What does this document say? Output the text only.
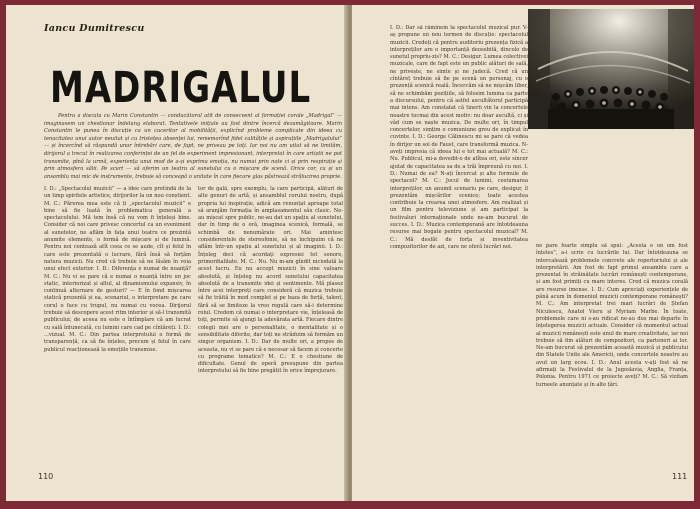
Iancu Dumitrescu
MADRIGALUL
Pentru a discuta cu Marin Constantin — conducătorul atît de consecvent al formației corale „Madrigal” — imaginasem un chestionar îndelung elaborat. Tentativele inițiale au fost dintre încercă dezamăgitoare. Marin Constantin le punea în discuție ca un cuceritor al mobilității, explicînd probleme complicate din ideea cu tenacitatea unui autor neuitat și cu tristețea absenței lui, rememorînd fidel calitățile și aspirațiile „Madrigalului” — și încercînd să răspundă unor întrebări care, de fapt, ne priveau pe toți. Iar noi nu am uitat să ne limităm, dirijorul a trecut în realizarea conferinței de un fel de experiment impresionant, interpretat în care artiștii ne pot transmite, pînă la urmă, experiența unui mod de a-și exprima emoția, nu numai prin note ci și prin respirație și prin atmosfera sălii. Pe scurt — să oferim un teatru al sunetului cu o mișcare de scenă. Orice cor, ca și un ansamblu mai mic de instrumente, trebuie să conceapă o unitate în care fiecare glas păstrează strălucirea proprie.
I. D.: „Spectacolul muzicii” — a idee care pretindă de la un timp spiritele artistice, dirijorilor la un nou conștient. M. C.: Părerea mea este că ți „spectacolul muzicii” e bine să fie luată în problematica generală a spectacolului. Mă tem însă că nu vom fi înțeleși bine. Consider că noi care privesc concertul ca un eveniment al sunetelor, ne aflăm în fața unui teatru ce prezintă anumite elemente, o formă de mișcare și de lumină. Pentru noi contează atît ceea ce se aude, cît și felul în care este prezentată o lucrare, fără însă să forțăm natura muzicii. Nu cred că trebuie să ne lăsăm în voia unui efect exterior. I. D.: Diferența e numai de nuanță? M. C.: Nu vi se pare că e numai o nuanță între un joc static, interiorizat și altul, al dinamismului expansiv, în continuă alternare de gesturi? — E în fond mișcarea statică prezentă și ea, scenariul, o interpretare pe care corul o face cu trupul, nu numai cu vocea. Dirijorul trebuie să descopere acest ritm interior și să-l transmită publicului; de aceea nu este o întîmplare că am lucrat cu sală întunecată, cu lumini care cad pe cîntăreți. I. D.: ...vizual. M. C.: Din partea interpretului o formă de transparență, ca să fie înțeles, precum și felul în care publicul reacționează la emoțiile transmise.
tor de gală, spre exemplu, la care participă, alături de alte genuri de artă, și ansamblul corului nostru, după propria lui inspirație, adică am renunțat aproape total să aranjăm formația în amplasamentul său clasic. Ne-au mișcat spre public, ne-au dat un spațiu al sunetului, dar în timp de o oră, imaginea scenică, formală, se schimbă de nenumărate ori. Mai amintesc considerentele de stereofonie, să ne închipuim că ne aflăm într-un spațiu al sunetului și al imaginii. I. D.: Înțeleg deci că acordați expresiei tot sonore, primordialitate. M. C.: Nu. Nu m-am gîndit niciodată la acest lucru. Eu nu accept muzicii în sine valoare absolută, și înțeleg nu acord sunetului capacitatea absolută de a transmite idei și sentimente. Mă plasez între acei interpreți care consideră că muzica trebuie să fie trăită în mod complet și pe baza de forță, talent, fără să se limiteze la vreo regulă care să-i determine rolul. Credem că numai o interpretare vie, înțeleasă de toți, permite să ajungi la adevărata artă. Fiecare dintre colegii mei are o personalitate, o mentalitate și o sensibilitate diferite, dar toți ne străduim să formăm un singur organism. I. D.: Dar de multe ori, a propos de aceasta, nu vi se pare că e necesar să facem și concerte cu programe tematice? M. C.: E o chestiune de dificultate. Genul de operă presupune din partea interpretului să fie bine pregătit în orice împrejurare.
110
I. D.: Dar să rămînem la spectacolul muzical pur. V-aș propune un nou termen de discuție: spectacolul muzicii. Credeți că pentru auditoriu prezența fizică a interpreților are o importanță deosebită, dincolo de sunetul propriu-zis? M. C.: Desigur. Lumea colectivei muzicale, care de fapt este un public alături de sală, ne privește, ne simte și ne judecă. Cred că un cîntăreț trebuie să fie pe scenă un personaj, cu o prezență scenică reală. Încercăm să ne mișcăm liber, să ne schimbăm pozițiile, să folosim lumina ca parte a discursului, pentru că astfel ascultătorul participă mai intens. Am constatat că tinerii vin la concertele noastre tocmai din acest motiv: nu doar ascultă, ci și văd cum se naște muzica. De multe ori, în timpul concertelor, simțim o comuniune greu de explicat în cuvinte. I. D.: George Călinescu mi se pare că vedea în dirijor un soi de Faust, care transformă muzica. N-aveți impresia că ideea lui e tot mai actuală? M. C.: Nu. Publicul, mi-a dovedit-o de atîtea ori, este sincer ajutat de capacitatea sa de a trăi împreună cu noi. I. D.: Numai de ea? N-ați încercat și alte formule de spectacol? M. C.: Jocul de lumini, costumarea interpreților, un anumit scenariu pe care, desigur, îl prezentăm mișcărilor scenice; toate acestea contribuie la crearea unei atmosfere. Am realizat și un film pentru televiziune și am participat la festivaluri internaționale unde ne-am bucurat de succes. I. D.: Muzica contemporană are întotdeauna resurse mai bogate pentru spectacolul muzical? M. C.: Mă desfăt de forța și inventivitatea compozitorilor de azi, care ne oferă lucrări noi.	ne pare foarte simplu să spui: „Acesta e un om fost înțeles”, a-i scrie cu lucrările lui. Dar întotdeauna se intercalează problemele concrete ale repertoriului și ale interpretării. Am fost de fapt primul ansamblu care a prezentat în străinătate lucrări românești contemporane, și am fost primiți cu mare interes. Cred că muzica corală are resurse imense. I. D.: Cum apreciați experiențele de până acum în domeniul muzicii contemporane românești? M. C.: Am interpretat trei mari lucrări de Ștefan Niculescu, Anatol Vieru și Myriam Marbe. În toate, problemele care ni s-au ridicat ne-au dus mai departe în înțelegerea muzicii actuale. Consider că momentul actual al muzicii românești este unul de mare creativitate, iar noi trebuie să fim alături de compozitori, ca parteneri ai lor. Ne-am bucurat să prezentăm această muzică și publicului din Statele Unite ale Americii, unde concertele noastre au avut un larg ecou. I. D.: Anul acesta v-ați fost să ne afirmați la Festivalul de la Jugoslavia, Anglia, Franța, Polonia. Pentru 1971 ce proiecte aveți? M. C.: Să vizitam turneele anunțate și în alte țări.
111
